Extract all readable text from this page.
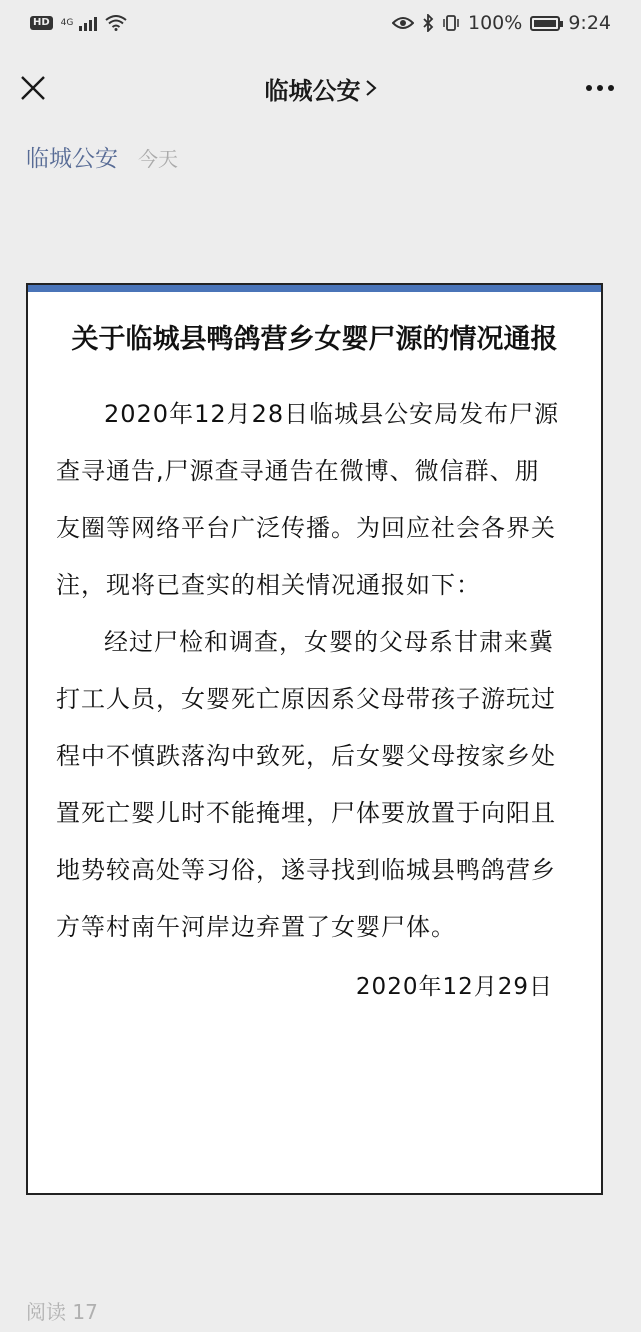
HD	4G	100% 9:24
临城公安
临城公安 今天
关于临城县鸭鸽营乡女婴尸源的情况通报

2020年12月28日临城县公安局发布尸源查寻通告,尸源查寻通告在微博、微信群、朋友圈等网络平台广泛传播。为回应社会各界关注，现将已查实的相关情况通报如下：

经过尸检和调查，女婴的父母系甘肃来冀打工人员，女婴死亡原因系父母带孩子游玩过程中不慎跌落沟中致死，后女婴父母按家乡处置死亡婴儿时不能掩埋，尸体要放置于向阳且地势较高处等习俗，遂寻找到临城县鸭鸽营乡方等村南午河岸边弃置了女婴尸体。

2020年12月29日
阅读 17
